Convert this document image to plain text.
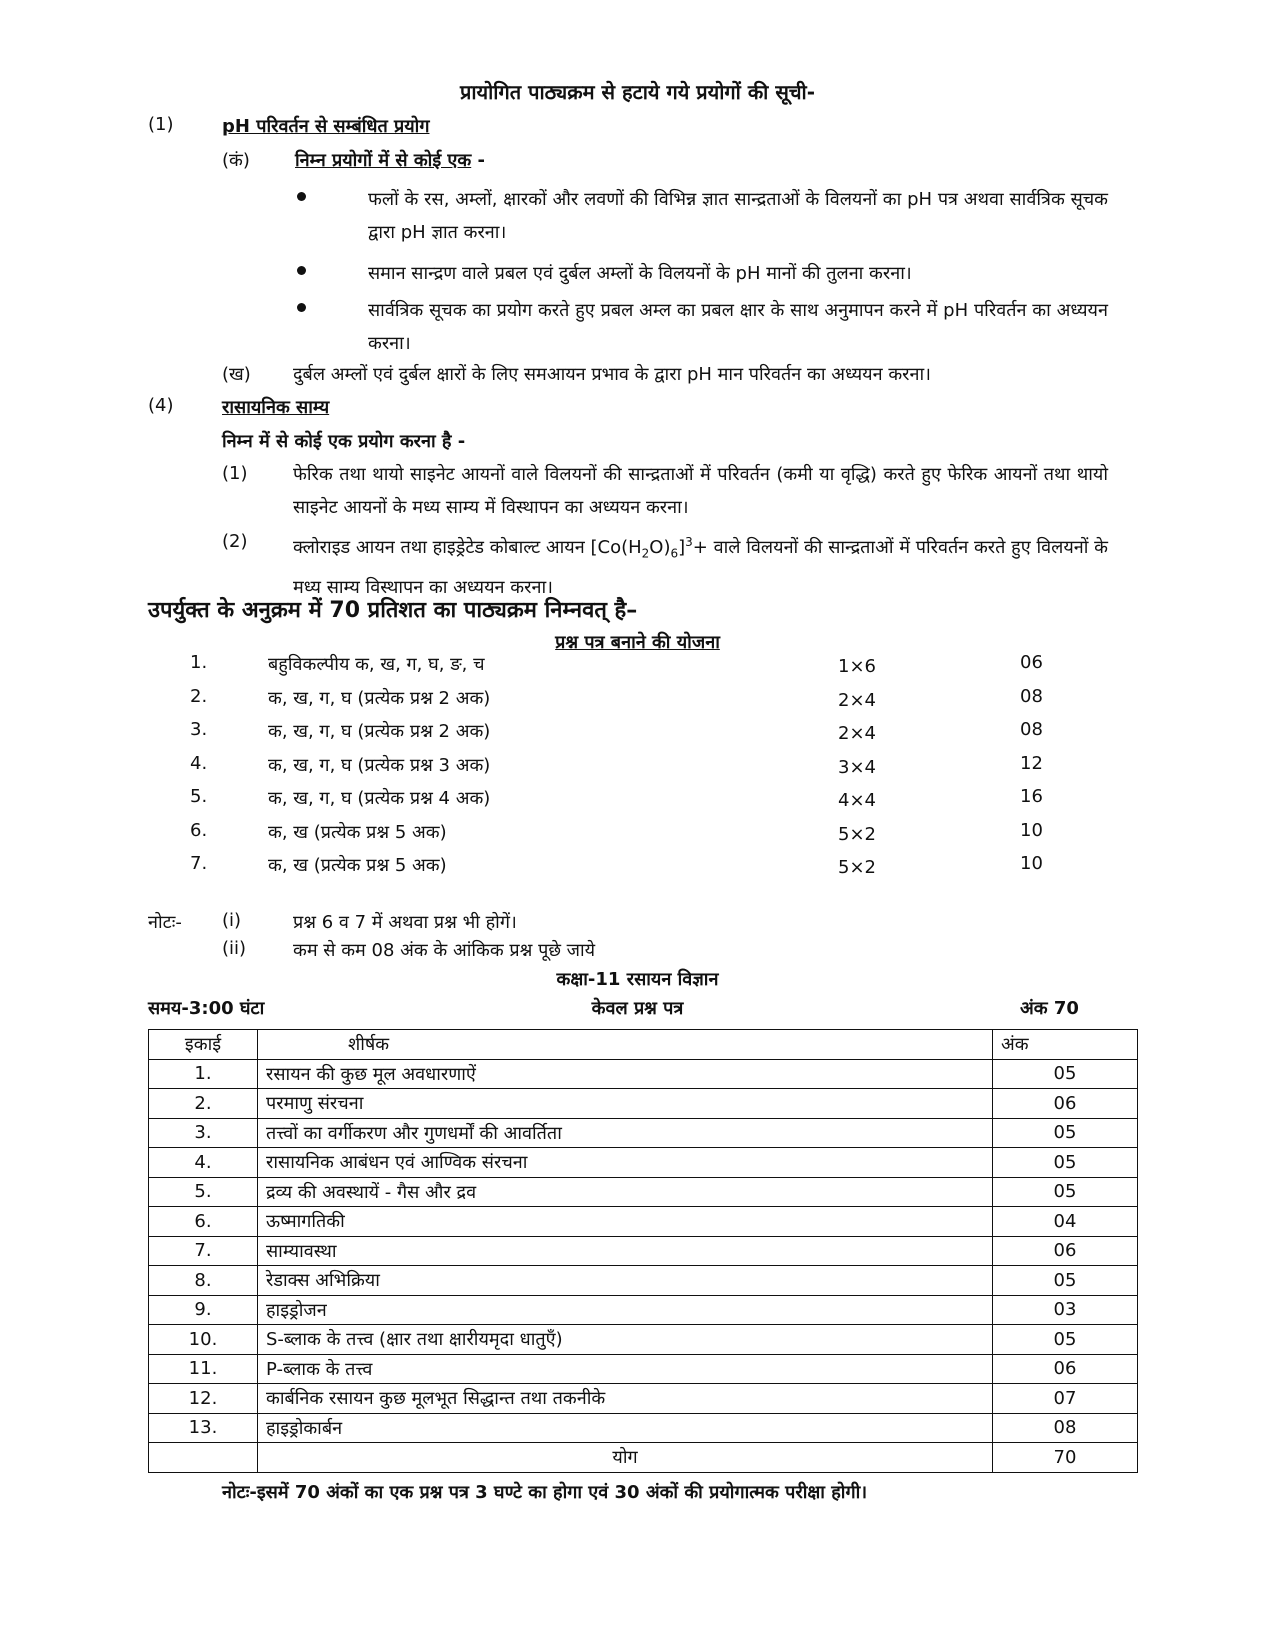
प्रायोगित पाठ्यक्रम से हटाये गये प्रयोगों की सूची-
(1)	pH परिवर्तन से सम्बंधित प्रयोग
(कं)	निम्न प्रयोगों में से कोई एक -
फलों के रस, अम्लों, क्षारकों और लवणों की विभिन्न ज्ञात सान्द्रताओं के विलयनों का pH पत्र अथवा सार्वत्रिक सूचक द्वारा pH ज्ञात करना।
समान सान्द्रण वाले प्रबल एवं दुर्बल अम्लों के विलयनों के pH मानों की तुलना करना।
सार्वत्रिक सूचक का प्रयोग करते हुए प्रबल अम्ल का प्रबल क्षार के साथ अनुमापन करने में pH परिवर्तन का अध्ययन करना।
(ख) दुर्बल अम्लों एवं दुर्बल क्षारों के लिए समआयन प्रभाव के द्वारा pH मान परिवर्तन का अध्ययन करना।
(4)	रासायनिक साम्य
निम्न में से कोई एक प्रयोग करना है -
(1)	फेरिक तथा थायो साइनेट आयनों वाले विलयनों की सान्द्रताओं में परिवर्तन (कमी या वृद्धि) करते हुए फेरिक आयनों तथा थायो साइनेट आयनों के मध्य साम्य में विस्थापन का अध्ययन करना।
(2)	क्लोराइड आयन तथा हाइड्रेटेड कोबाल्ट आयन $[Co(H_2O)_6]^3+$ वाले विलयनों की सान्द्रताओं में परिवर्तन करते हुए विलयनों के मध्य साम्य विस्थापन का अध्ययन करना।
उपर्युक्त के अनुक्रम में 70 प्रतिशत का पाठ्यक्रम निम्नवत् है–
प्रश्न पत्र बनाने की योजना
1.	बहुविकल्पीय क, ख, ग, घ, ङ, च	1×6	06
2.	क, ख, ग, घ (प्रत्येक प्रश्न 2 अक)	2×4	08
3.	क, ख, ग, घ (प्रत्येक प्रश्न 2 अक)	2×4	08
4.	क, ख, ग, घ (प्रत्येक प्रश्न 3 अक)	3×4	12
5.	क, ख, ग, घ (प्रत्येक प्रश्न 4 अक)	4×4	16
6.	क, ख (प्रत्येक प्रश्न 5 अक)	5×2	10
7.	क, ख (प्रत्येक प्रश्न 5 अक)	5×2	10
नोटः- (i)	प्रश्न 6 व 7 में अथवा प्रश्न भी होगें।
(ii)	कम से कम 08 अंक के आंकिक प्रश्न पूछे जाये
कक्षा-11 रसायन विज्ञान
समय-3:00 घंटा	केवल प्रश्न पत्र	अंक 70
इकाई	शीर्षक	अंक
1.	रसायन की कुछ मूल अवधारणाऐं	05
2.	परमाणु संरचना	06
3.	तत्त्वों का वर्गीकरण और गुणधर्मों की आवर्तिता	05
4.	रासायनिक आबंधन एवं आण्विक संरचना	05
5.	द्रव्य की अवस्थायें - गैस और द्रव	05
6.	ऊष्मागतिकी	04
7.	साम्यावस्था	06
8.	रेडाक्स अभिक्रिया	05
9.	हाइड्रोजन	03
10.	S-ब्लाक के तत्त्व (क्षार तथा क्षारीयमृदा धातुएँ)	05
11.	P-ब्लाक के तत्त्व	06
12.	कार्बनिक रसायन कुछ मूलभूत सिद्धान्त तथा तकनीके	07
13.	हाइड्रोकार्बन	08
	योग	70
नोटः-इसमें 70 अंकों का एक प्रश्न पत्र 3 घण्टे का होगा एवं 30 अंकों की प्रयोगात्मक परीक्षा होगी।
